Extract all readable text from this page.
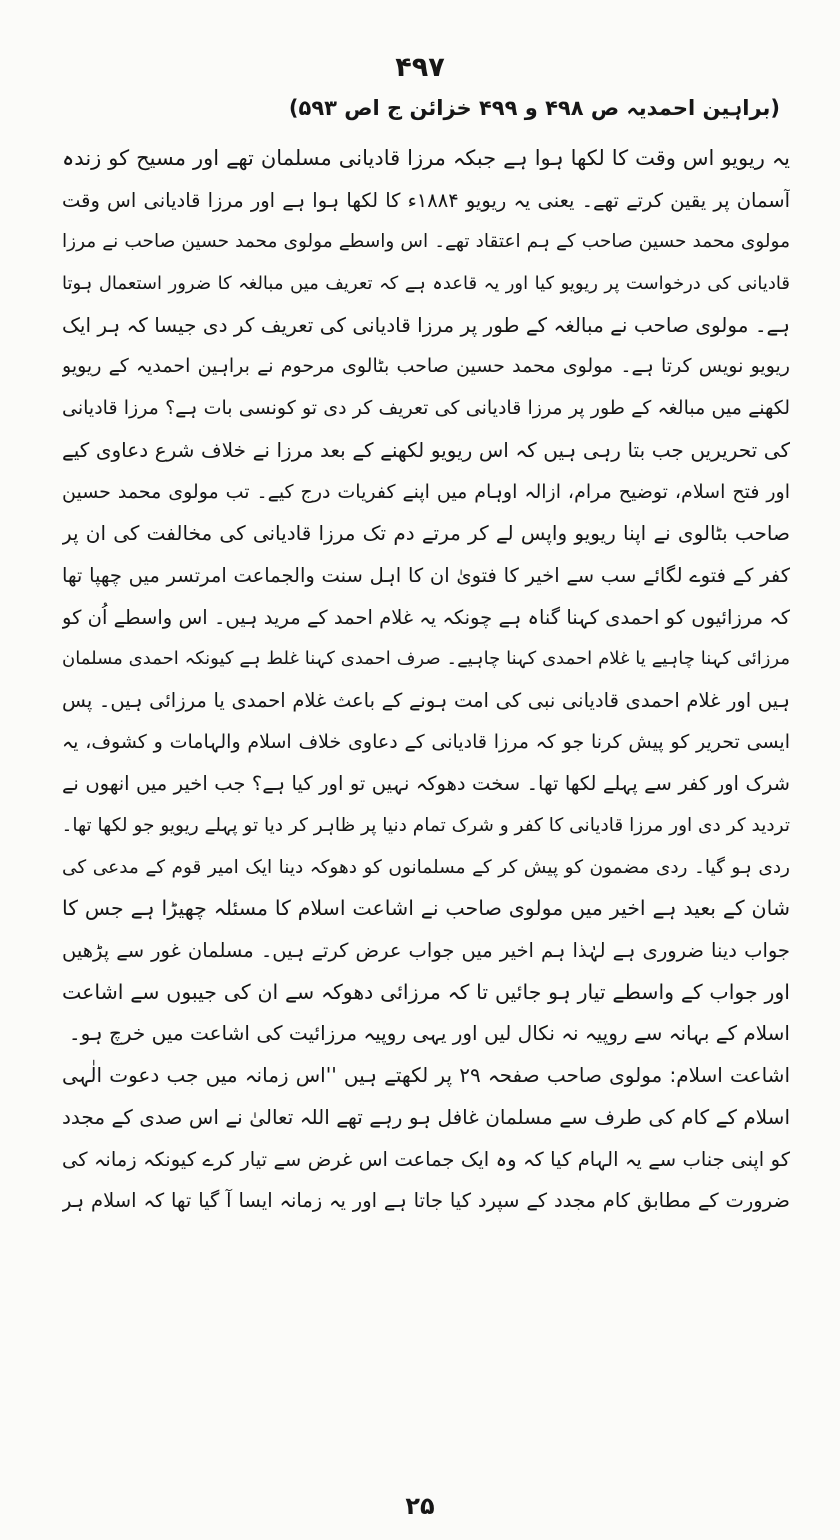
۴۹۷
(براہین احمدیہ ص ۴۹۸ و ۴۹۹ خزائن ج اص ۵۹۳)
یہ ریویو اس وقت کا لکھا ہوا ہے جبکہ مرزا قادیانی مسلمان تھے اور مسیح کو زندہ
آسمان پر یقین کرتے تھے۔ یعنی یہ ریویو ۱۸۸۴ء کا لکھا ہوا ہے اور مرزا قادیانی اس وقت
مولوی محمد حسین صاحب کے ہم اعتقاد تھے۔ اس واسطے مولوی محمد حسین صاحب نے مرزا
قادیانی کی درخواست پر ریویو کیا اور یہ قاعدہ ہے کہ تعریف میں مبالغہ کا ضرور استعمال ہوتا
ہے۔ مولوی صاحب نے مبالغہ کے طور پر مرزا قادیانی کی تعریف کر دی جیسا کہ ہر ایک
ریویو نویس کرتا ہے۔ مولوی محمد حسین صاحب بٹالوی مرحوم نے براہین احمدیہ کے ریویو
لکھنے میں مبالغہ کے طور پر مرزا قادیانی کی تعریف کر دی تو کونسی بات ہے؟ مرزا قادیانی
کی تحریریں جب بتا رہی ہیں کہ اس ریویو لکھنے کے بعد مرزا نے خلاف شرع دعاوی کیے
اور فتح اسلام، توضیح مرام، ازالہ اوہام میں اپنے کفریات درج کیے۔ تب مولوی محمد حسین
صاحب بٹالوی نے اپنا ریویو واپس لے کر مرتے دم تک مرزا قادیانی کی مخالفت کی ان پر
کفر کے فتوے لگائے سب سے اخیر کا فتویٰ ان کا اہل سنت والجماعت امرتسر میں چھپا تھا
کہ مرزائیوں کو احمدی کہنا گناہ ہے چونکہ یہ غلام احمد کے مرید ہیں۔ اس واسطے اُن کو
مرزائی کہنا چاہیے یا غلام احمدی کہنا چاہیے۔ صرف احمدی کہنا غلط ہے کیونکہ احمدی مسلمان
ہیں اور غلام احمدی قادیانی نبی کی امت ہونے کے باعث غلام احمدی یا مرزائی ہیں۔ پس
ایسی تحریر کو پیش کرنا جو کہ مرزا قادیانی کے دعاوی خلاف اسلام والہامات و کشوف، یہ
شرک اور کفر سے پہلے لکھا تھا۔ سخت دھوکہ نہیں تو اور کیا ہے؟ جب اخیر میں انھوں نے
تردید کر دی اور مرزا قادیانی کا کفر و شرک تمام دنیا پر ظاہر کر دیا تو پہلے ریویو جو لکھا تھا۔
ردی ہو گیا۔ ردی مضمون کو پیش کر کے مسلمانوں کو دھوکہ دینا ایک امیر قوم کے مدعی کی
شان کے بعید ہے اخیر میں مولوی صاحب نے اشاعت اسلام کا مسئلہ چھیڑا ہے جس کا
جواب دینا ضروری ہے لہٰذا ہم اخیر میں جواب عرض کرتے ہیں۔ مسلمان غور سے پڑھیں
اور جواب کے واسطے تیار ہو جائیں تا کہ مرزائی دھوکہ سے ان کی جیبوں سے اشاعت
اسلام کے بہانہ سے روپیہ نہ نکال لیں اور یہی روپیہ مرزائیت کی اشاعت میں خرچ ہو۔
اشاعت اسلام: مولوی صاحب صفحہ ۲۹ پر لکھتے ہیں ''اس زمانہ میں جب دعوت الٰہی
اسلام کے کام کی طرف سے مسلمان غافل ہو رہے تھے اللہ تعالیٰ نے اس صدی کے مجدد
کو اپنی جناب سے یہ الہام کیا کہ وہ ایک جماعت اس غرض سے تیار کرے کیونکہ زمانہ کی
ضرورت کے مطابق کام مجدد کے سپرد کیا جاتا ہے اور یہ زمانہ ایسا آ گیا تھا کہ اسلام ہر
۲۵
